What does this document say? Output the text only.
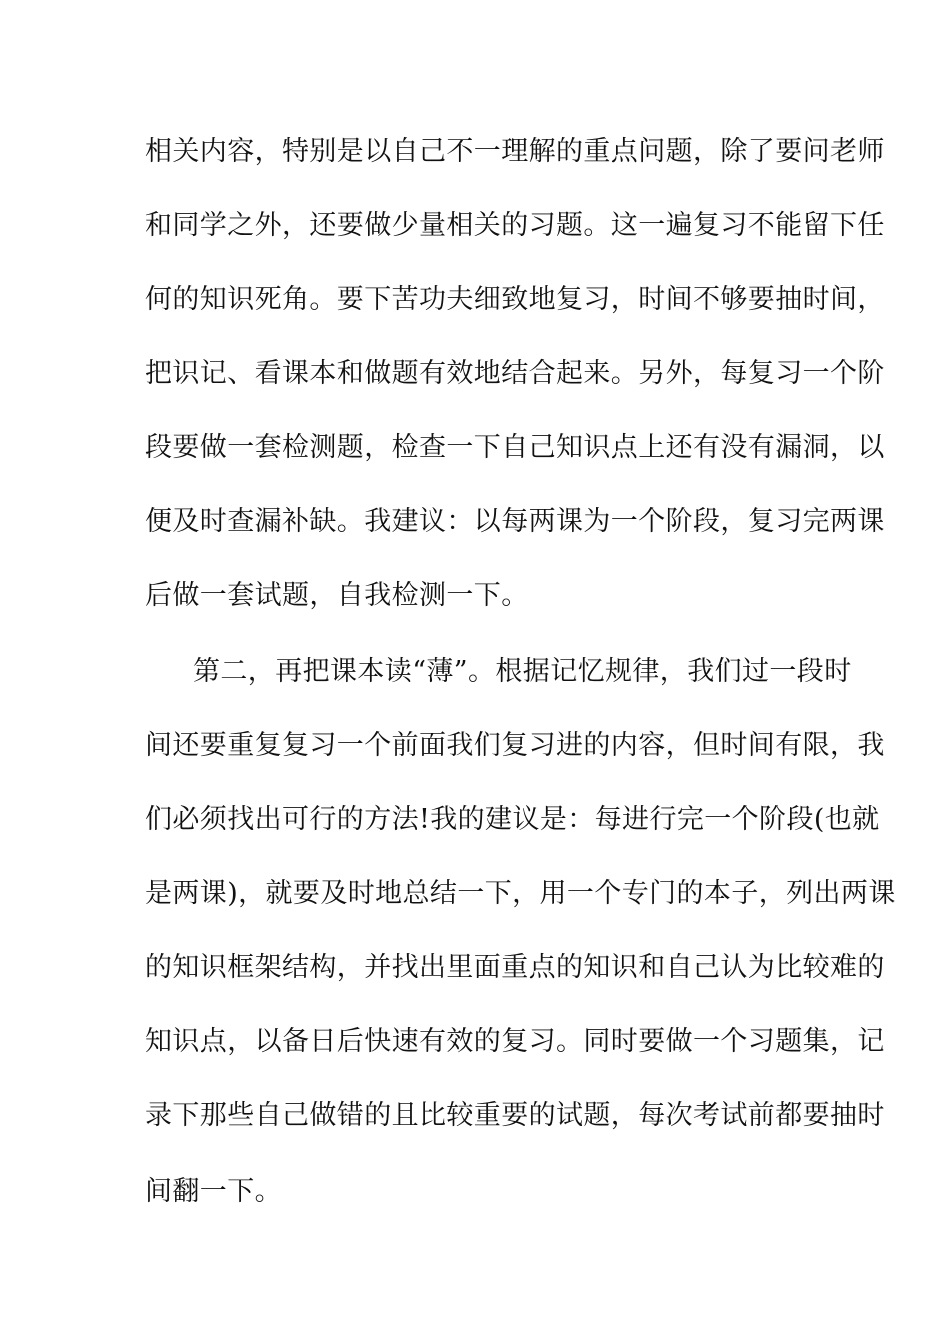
相关内容，特别是以自己不一理解的重点问题，除了要问老师
和同学之外，还要做少量相关的习题。这一遍复习不能留下任
何的知识死角。要下苦功夫细致地复习，时间不够要抽时间，
把识记、看课本和做题有效地结合起来。另外，每复习一个阶
段要做一套检测题，检查一下自己知识点上还有没有漏洞，以
便及时查漏补缺。我建议：以每两课为一个阶段，复习完两课
后做一套试题，自我检测一下。
第二，再把课本读“薄”。根据记忆规律，我们过一段时
间还要重复复习一个前面我们复习进的内容，但时间有限，我
们必须找出可行的方法!我的建议是：每进行完一个阶段(也就
是两课)，就要及时地总结一下，用一个专门的本子，列出两课
的知识框架结构，并找出里面重点的知识和自己认为比较难的
知识点，以备日后快速有效的复习。同时要做一个习题集，记
录下那些自己做错的且比较重要的试题，每次考试前都要抽时
间翻一下。
